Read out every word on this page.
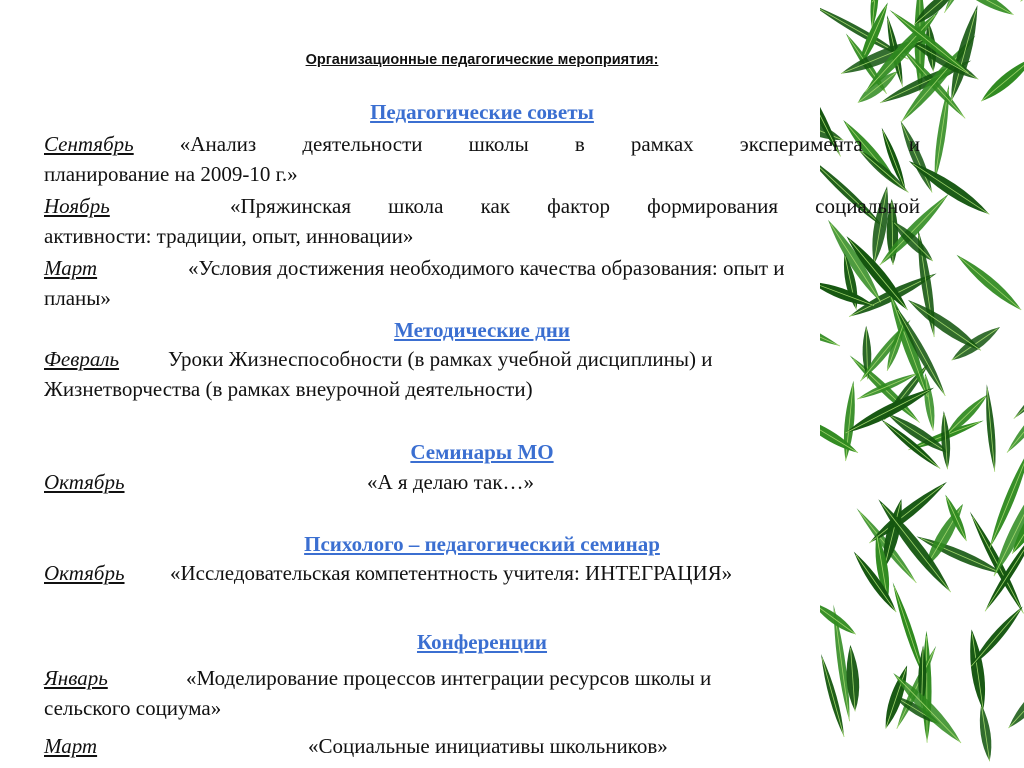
Организационные педагогические мероприятия:
Педагогические советы
Сентябрь «Анализ деятельности школы в рамках эксперимента и
планирование на 2009-10 г.»
Ноябрь	«Пряжинская школа как фактор формирования социальной
активности: традиции, опыт, инновации»
Март	«Условия достижения необходимого качества образования: опыт и
планы»
Методические дни
Февраль Уроки Жизнеспособности (в рамках учебной дисциплины) и
Жизнетворчества (в рамках внеурочной деятельности)
Семинары МО
Октябрь	«А я делаю так…»
Психолого – педагогический семинар
Октябрь «Исследовательская компетентность учителя: ИНТЕГРАЦИЯ»
Конференции
Январь	«Моделирование процессов интеграции ресурсов школы и
сельского социума»
Март	«Социальные инициативы школьников»
